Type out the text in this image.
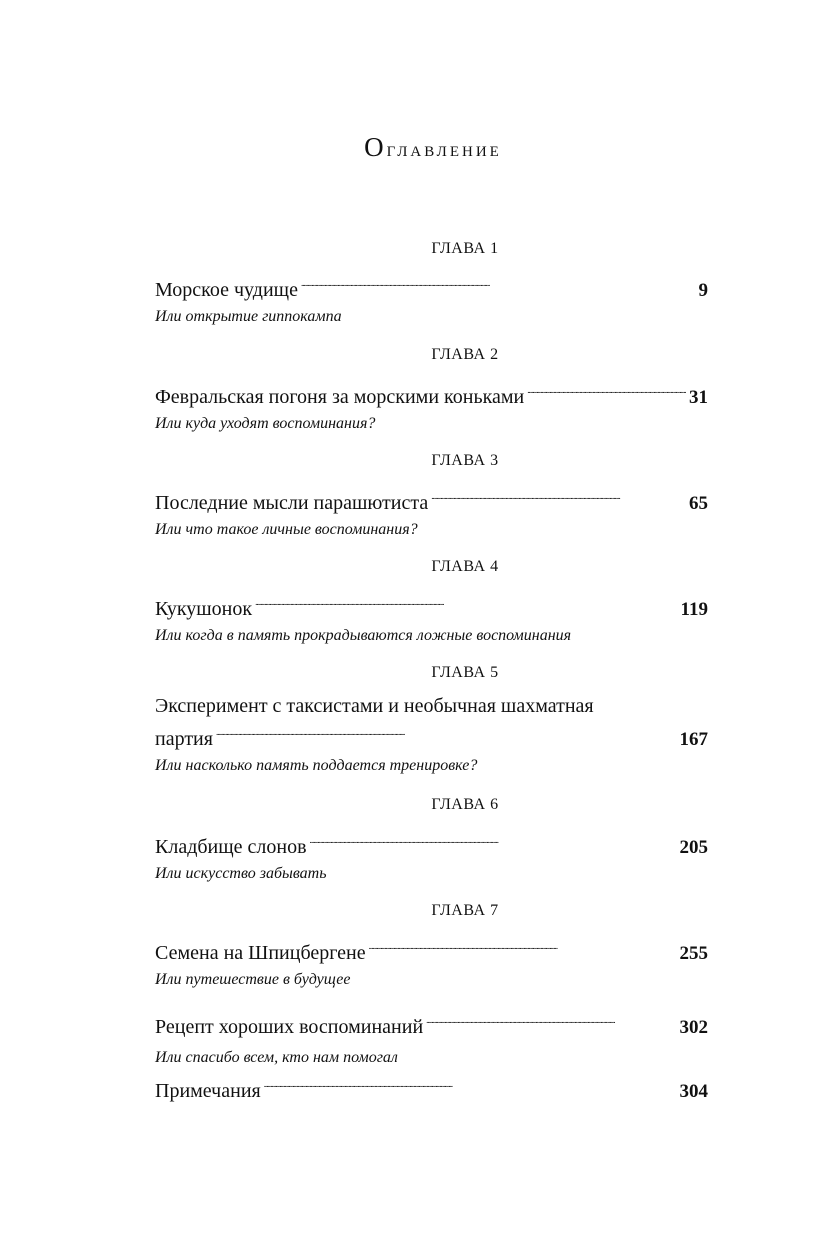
Оглавление
ГЛАВА 1
Морское чудище . . .	9
Или открытие гиппокампа
ГЛАВА 2
Февральская погоня за морскими коньками . . .	31
Или куда уходят воспоминания?
ГЛАВА 3
Последние мысли парашютиста . . .	65
Или что такое личные воспоминания?
ГЛАВА 4
Кукушонок . . .	119
Или когда в память прокрадываются ложные воспоминания
ГЛАВА 5
Эксперимент с таксистами и необычная шахматная
партия . . .	167
Или насколько память поддается тренировке?
ГЛАВА 6
Кладбище слонов . . .	205
Или искусство забывать
ГЛАВА 7
Семена на Шпицбергене . . .	255
Или путешествие в будущее
Рецепт хороших воспоминаний . . .	302
Или спасибо всем, кто нам помогал
Примечания . . .	304
